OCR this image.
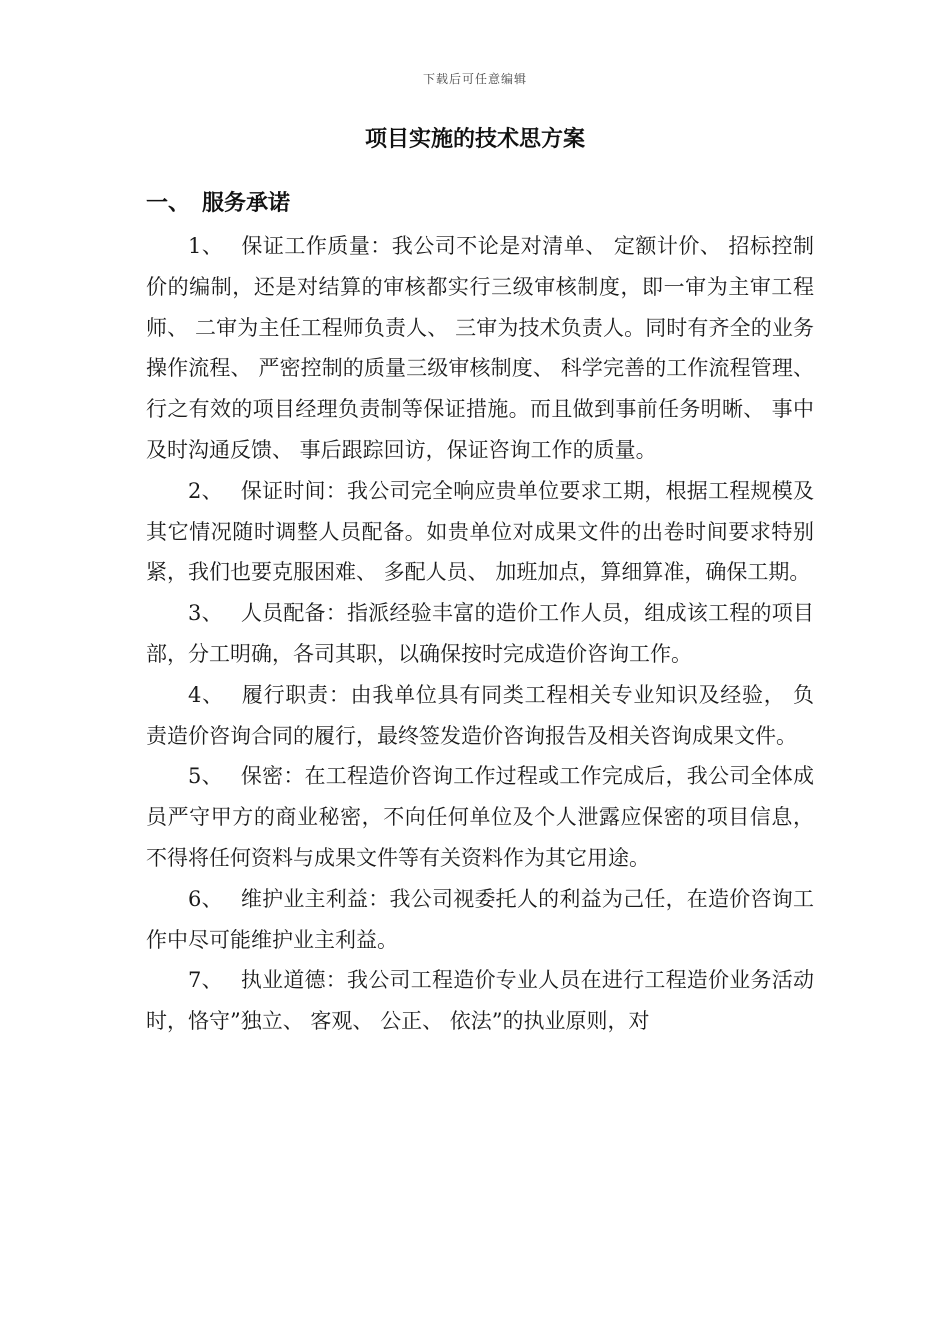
下载后可任意编辑
项目实施的技术思方案
一、 服务承诺

1、 保证工作质量：我公司不论是对清单、 定额计价、 招标控制价的编制，还是对结算的审核都实行三级审核制度，即一审为主审工程师、 二审为主任工程师负责人、 三审为技术负责人。同时有齐全的业务操作流程、 严密控制的质量三级审核制度、 科学完善的工作流程管理、 行之有效的项目经理负责制等保证措施。而且做到事前任务明晰、 事中及时沟通反馈、 事后跟踪回访，保证咨询工作的质量。

2、 保证时间：我公司完全响应贵单位要求工期，根据工程规模及其它情况随时调整人员配备。如贵单位对成果文件的出卷时间要求特别紧，我们也要克服困难、 多配人员、 加班加点，算细算准，确保工期。

3、 人员配备：指派经验丰富的造价工作人员，组成该工程的项目部，分工明确，各司其职，以确保按时完成造价咨询工作。

4、 履行职责：由我单位具有同类工程相关专业知识及经验， 负责造价咨询合同的履行，最终签发造价咨询报告及相关咨询成果文件。

5、 保密：在工程造价咨询工作过程或工作完成后，我公司全体成员严守甲方的商业秘密，不向任何单位及个人泄露应保密的项目信息，不得将任何资料与成果文件等有关资料作为其它用途。

6、 维护业主利益：我公司视委托人的利益为己任，在造价咨询工作中尽可能维护业主利益。

7、 执业道德：我公司工程造价专业人员在进行工程造价业务活动时，恪守”独立、 客观、 公正、 依法”的执业原则，对
